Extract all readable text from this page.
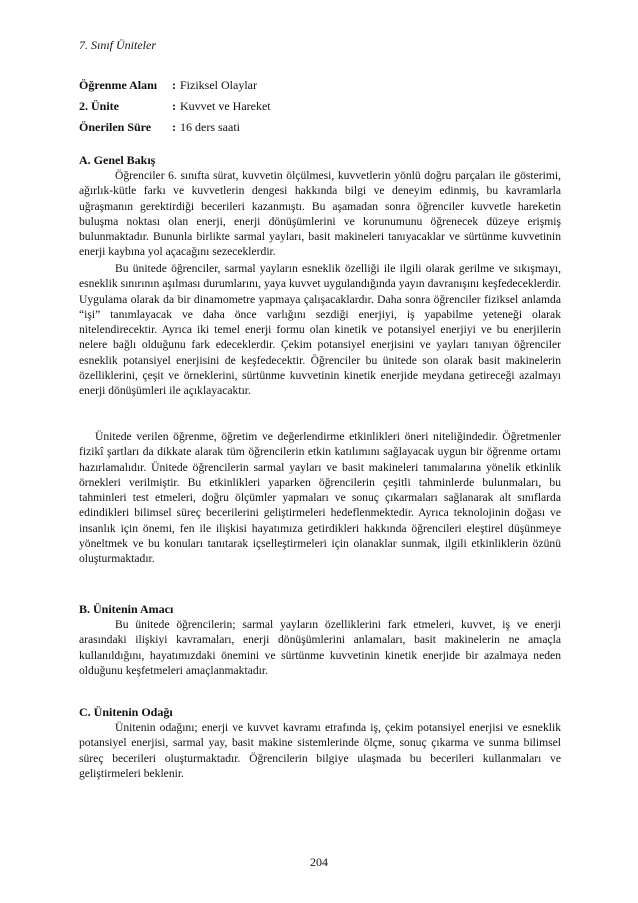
7. Sınıf Üniteler
Öğrenme Alanı : Fiziksel Olaylar
2. Ünite	: Kuvvet ve Hareket
Önerilen Süre : 16 ders saati
A. Genel Bakış

Öğrenciler 6. sınıfta sürat, kuvvetin ölçülmesi, kuvvetlerin yönlü doğru parçaları ile gösterimi, ağırlık-kütle farkı ve kuvvetlerin dengesi hakkında bilgi ve deneyim edinmiş, bu kavramlarla uğraşmanın gerektirdiği becerileri kazanmıştı. Bu aşamadan sonra öğrenciler kuvvetle hareketin buluşma noktası olan enerji, enerji dönüşümlerini ve korunumunu öğrenecek düzeye erişmiş bulunmaktadır. Bununla birlikte sarmal yayları, basit makineleri tanıyacaklar ve sürtünme kuvvetinin enerji kaybına yol açacağını sezeceklerdir.

Bu ünitede öğrenciler, sarmal yayların esneklik özelliği ile ilgili olarak gerilme ve sıkışmayı, esneklik sınırının aşılması durumlarını, yaya kuvvet uygulandığında yayın davranışını keşfedeceklerdir. Uygulama olarak da bir dinamometre yapmaya çalışacaklardır. Daha sonra öğrenciler fiziksel anlamda “işi” tanımlayacak ve daha önce varlığını sezdiği enerjiyi, iş yapabilme yeteneği olarak nitelendirecektir. Ayrıca iki temel enerji formu olan kinetik ve potansiyel enerjiyi ve bu enerjilerin nelere bağlı olduğunu fark edeceklerdir. Çekim potansiyel enerjisini ve yayları tanıyan öğrenciler esneklik potansiyel enerjisini de keşfedecektir. Öğrenciler bu ünitede son olarak basit makinelerin özelliklerini, çeşit ve örneklerini, sürtünme kuvvetinin kinetik enerjide meydana getireceği azalmayı enerji dönüşümleri ile açıklayacaktır.

Ünitede verilen öğrenme, öğretim ve değerlendirme etkinlikleri öneri niteliğindedir. Öğretmenler fizikî şartları da dikkate alarak tüm öğrencilerin etkin katılımını sağlayacak uygun bir öğrenme ortamı hazırlamalıdır. Ünitede öğrencilerin sarmal yayları ve basit makineleri tanımalarına yönelik etkinlik örnekleri verilmiştir. Bu etkinlikleri yaparken öğrencilerin çeşitli tahminlerde bulunmaları, bu tahminleri test etmeleri, doğru ölçümler yapmaları ve sonuç çıkarmaları sağlanarak alt sınıflarda edindikleri bilimsel süreç becerilerini geliştirmeleri hedeflenmektedir. Ayrıca teknolojinin doğası ve insanlık için önemi, fen ile ilişkisi hayatımıza getirdikleri hakkında öğrencileri eleştirel düşünmeye yöneltmek ve bu konuları tanıtarak içselleştirmeleri için olanaklar sunmak, ilgili etkinliklerin özünü oluşturmaktadır.

B. Ünitenin Amacı

Bu ünitede öğrencilerin; sarmal yayların özelliklerini fark etmeleri, kuvvet, iş ve enerji arasındaki ilişkiyi kavramaları, enerji dönüşümlerini anlamaları, basit makinelerin ne amaçla kullanıldığını, hayatımızdaki önemini ve sürtünme kuvvetinin kinetik enerjide bir azalmaya neden olduğunu keşfetmeleri amaçlanmaktadır.

C. Ünitenin Odağı

Ünitenin odağını; enerji ve kuvvet kavramı etrafında iş, çekim potansiyel enerjisi ve esneklik potansiyel enerjisi, sarmal yay, basit makine sistemlerinde ölçme, sonuç çıkarma ve sunma bilimsel süreç becerileri oluşturmaktadır. Öğrencilerin bilgiye ulaşmada bu becerileri kullanmaları ve geliştirmeleri beklenir.

204
